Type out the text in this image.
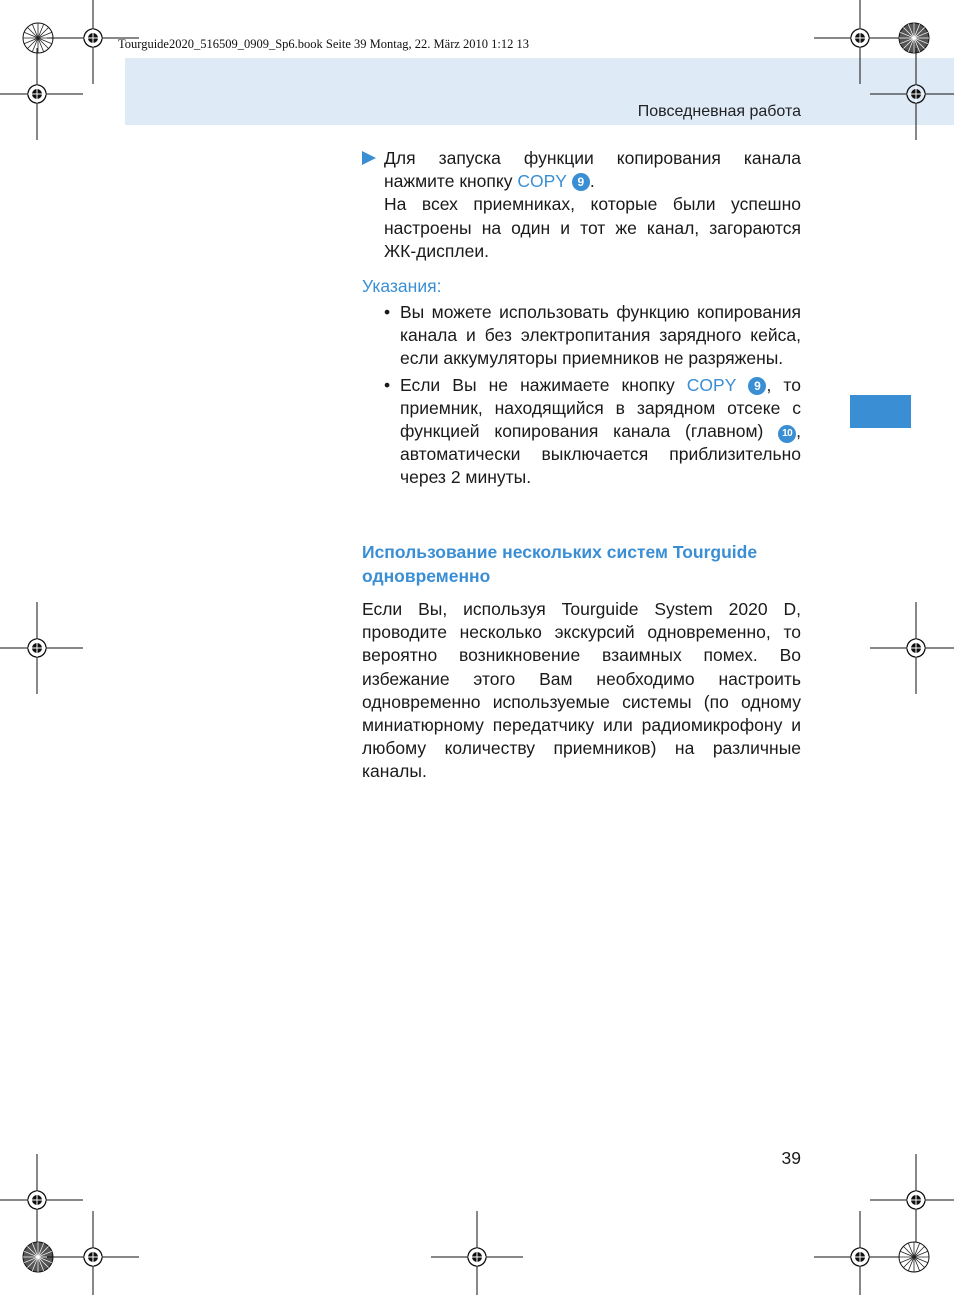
Tourguide2020_516509_0909_Sp6.book Seite 39 Montag, 22. März 2010 1:12 13
Повседневная работа

Для запуска функции копирования канала нажмите кнопку COPY 9 .
На всех приемниках, которые были успешно настроены на один и тот же канал, загораются ЖК-дисплеи.

Указания:

• Вы можете использовать функцию копирования канала и без электропитания зарядного кейса, если аккумуляторы приемников не разряжены.

• Если Вы не нажимаете кнопку COPY 9 , то приемник, находящийся в зарядном отсеке с функцией копирования канала (главном) 10 , автоматически выключается приблизительно через 2 минуты.

Использование нескольких систем Tourguide одновременно

Если Вы, используя Tourguide System 2020 D, проводите несколько экскурсий одновременно, то вероятно возникновение взаимных помех. Во избежание этого Вам необходимо настроить одновременно используемые системы (по одному миниатюрному передатчику или радиомикрофону и любому количеству приемников) на различные каналы.

39
